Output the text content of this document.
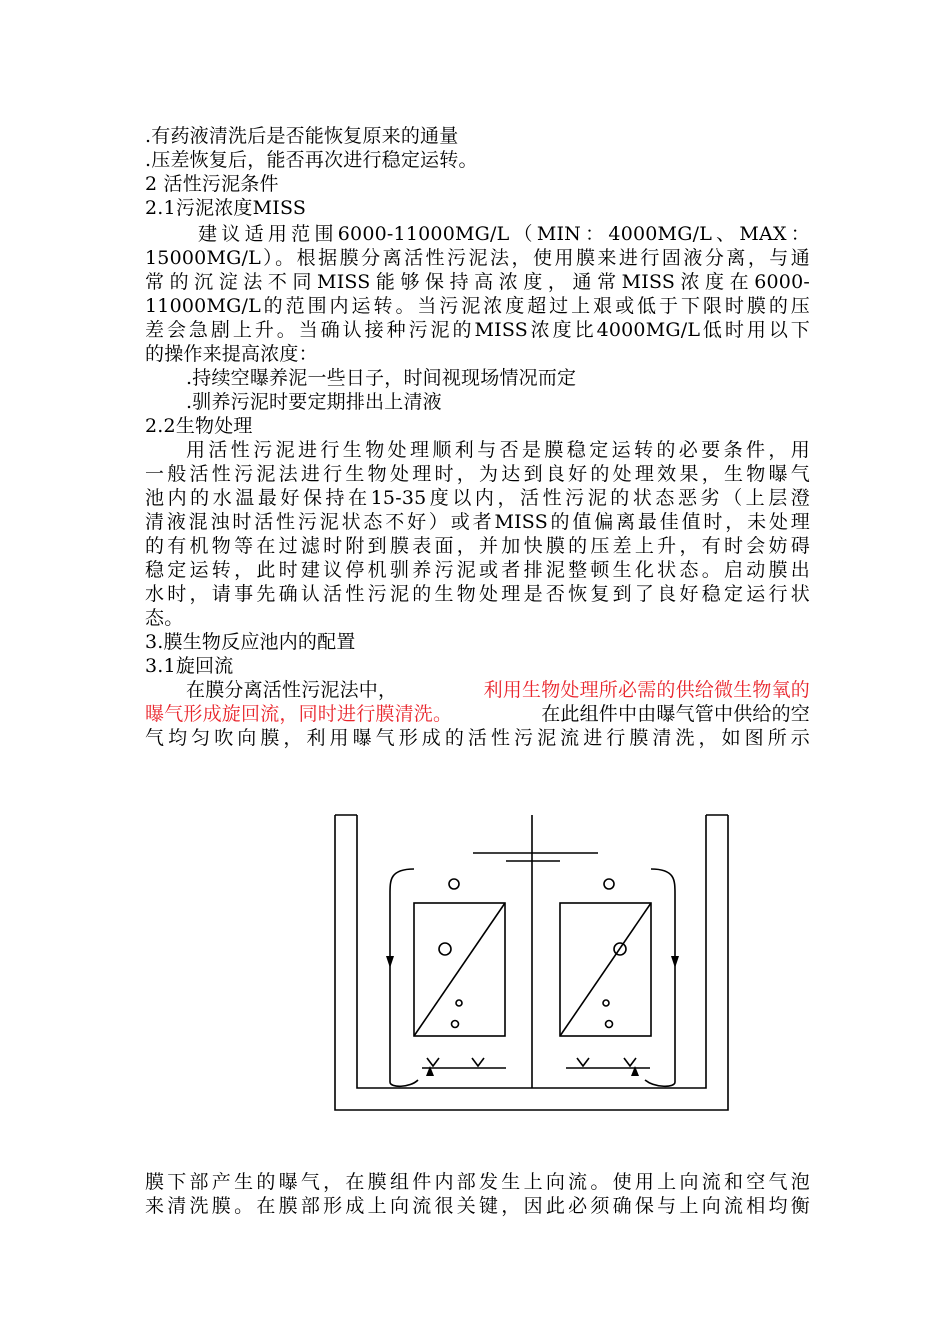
.有药液清洗后是否能恢复原来的通量
.压差恢复后，能否再次进行稳定运转。
2 活性污泥条件
2.1污泥浓度MISS
建议适用范围6000-11000MG/L（MIN：4000MG/L、MAX：
15000MG/L）。根据膜分离活性污泥法，使用膜来进行固液分离，与通
常的沉淀法不同MISS能够保持高浓度，通常MISS浓度在6000-
11000MG/L的范围内运转。当污泥浓度超过上艰或低于下限时膜的压
差会急剧上升。当确认接种污泥的MISS浓度比4000MG/L低时用以下
的操作来提高浓度：
.持续空曝养泥一些日子，时间视现场情况而定
.驯养污泥时要定期排出上清液
2.2生物处理
用活性污泥进行生物处理顺利与否是膜稳定运转的必要条件，用
一般活性污泥法进行生物处理时，为达到良好的处理效果，生物曝气
池内的水温最好保持在15-35度以内，活性污泥的状态恶劣（上层澄
清液混浊时活性污泥状态不好）或者MISS的值偏离最佳值时，未处理
的有机物等在过滤时附到膜表面，并加快膜的压差上升，有时会妨碍
稳定运转，此时建议停机驯养污泥或者排泥整顿生化状态。启动膜出
水时，请事先确认活性污泥的生物处理是否恢复到了良好稳定运行状
态。
3.膜生物反应池内的配置
3.1旋回流
在膜分离活性污泥法中，	利用生物处理所必需的供给微生物氧的
曝气形成旋回流，同时进行膜清洗。	在此组件中由曝气管中供给的空
气均匀吹向膜，利用曝气形成的活性污泥流进行膜清洗，如图所示
膜下部产生的曝气，在膜组件内部发生上向流。使用上向流和空气泡
来清洗膜。在膜部形成上向流很关键，因此必须确保与上向流相均衡
